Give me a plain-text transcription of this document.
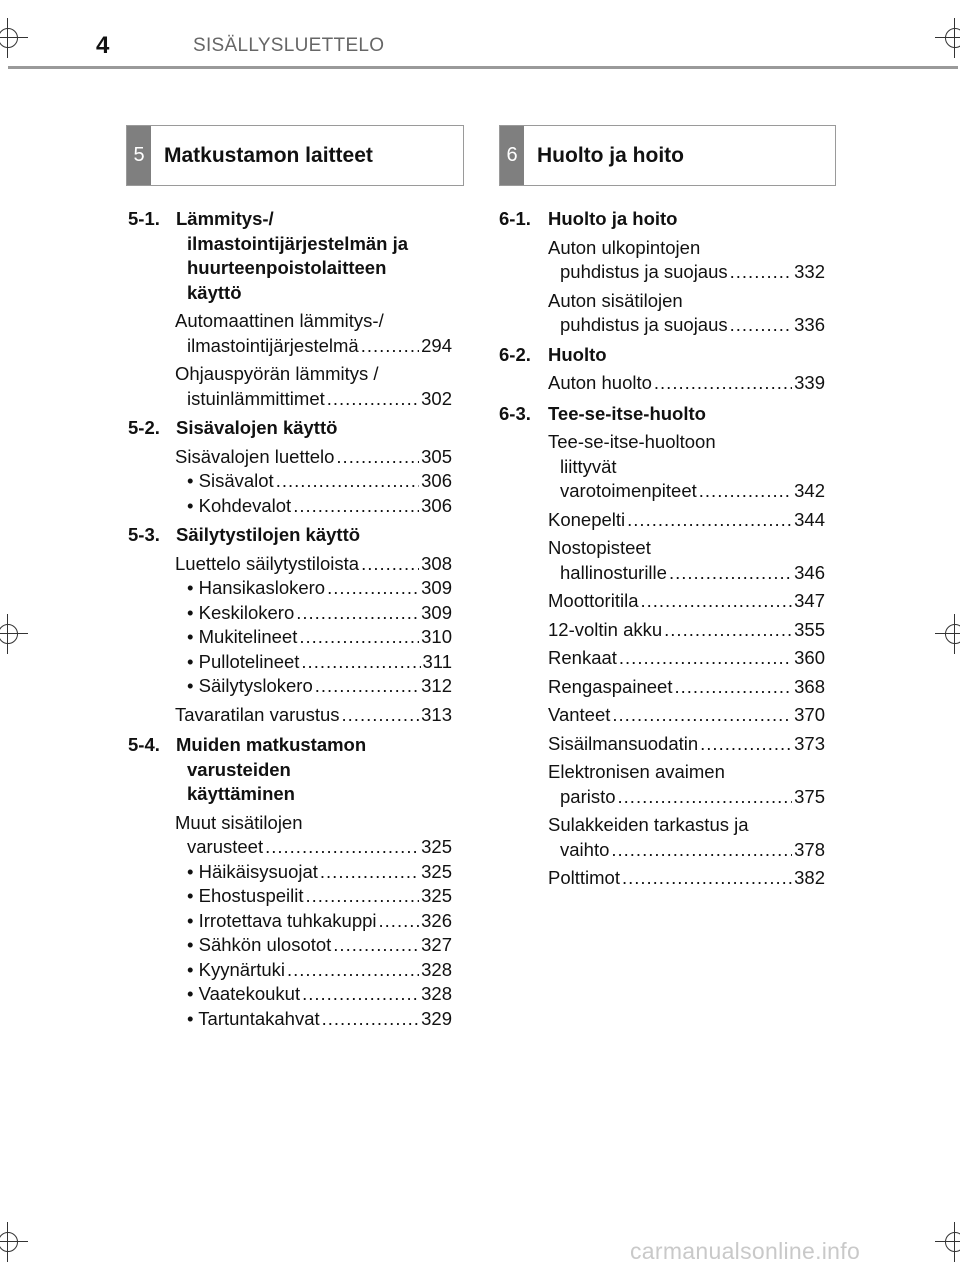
4	SISÄLLYSLUETTELO
5 Matkustamon laitteet	6 Huolto ja hoito
5-1. Lämmitys-/
ilmastointijärjestelmän ja
huurteenpoistolaitteen
käyttö
Automaattinen lämmitys-/
ilmastointijärjestelmä .....	294
Ohjauspyörän lämmitys /
istuinlämmittimet .....	302
5-2. Sisävalojen käyttö
Sisävalojen luettelo .....	305
• Sisävalot .....	306
• Kohdevalot .....	306
5-3. Säilytystilojen käyttö
Luettelo säilytystiloista .....	308
• Hansikaslokero .....	309
• Keskilokero .....	309
• Mukitelineet .....	310
• Pullotelineet .....	311
• Säilytyslokero .....	312
Tavaratilan varustus .....	313
5-4. Muiden matkustamon
varusteiden
käyttäminen
Muut sisätilojen
varusteet .....	325
• Häikäisysuojat .....	325
• Ehostuspeilit .....	325
• Irrotettava tuhkakuppi ..... 326
• Sähkön ulosotot .....	327
• Kyynärtuki .....	328
• Vaatekoukut .....	328
• Tartuntakahvat .....	329
6-1. Huolto ja hoito
Auton ulkopintojen
puhdistus ja suojaus .....	332
Auton sisätilojen
puhdistus ja suojaus .....	336
6-2. Huolto
Auton huolto .....	339
6-3. Tee-se-itse-huolto
Tee-se-itse-huoltoon
liittyvät
varotoimenpiteet .....	342
Konepelti .....	344
Nostopisteet
hallinosturille .....	346
Moottoritila .....	347
12-voltin akku .....	355
Renkaat .....	360
Rengaspaineet .....	368
Vanteet .....	370
Sisäilmansuodatin .....	373
Elektronisen avaimen
paristo .....	375
Sulakkeiden tarkastus ja
vaihto .....	378
Polttimot .....	382
carmanualsonline.info
